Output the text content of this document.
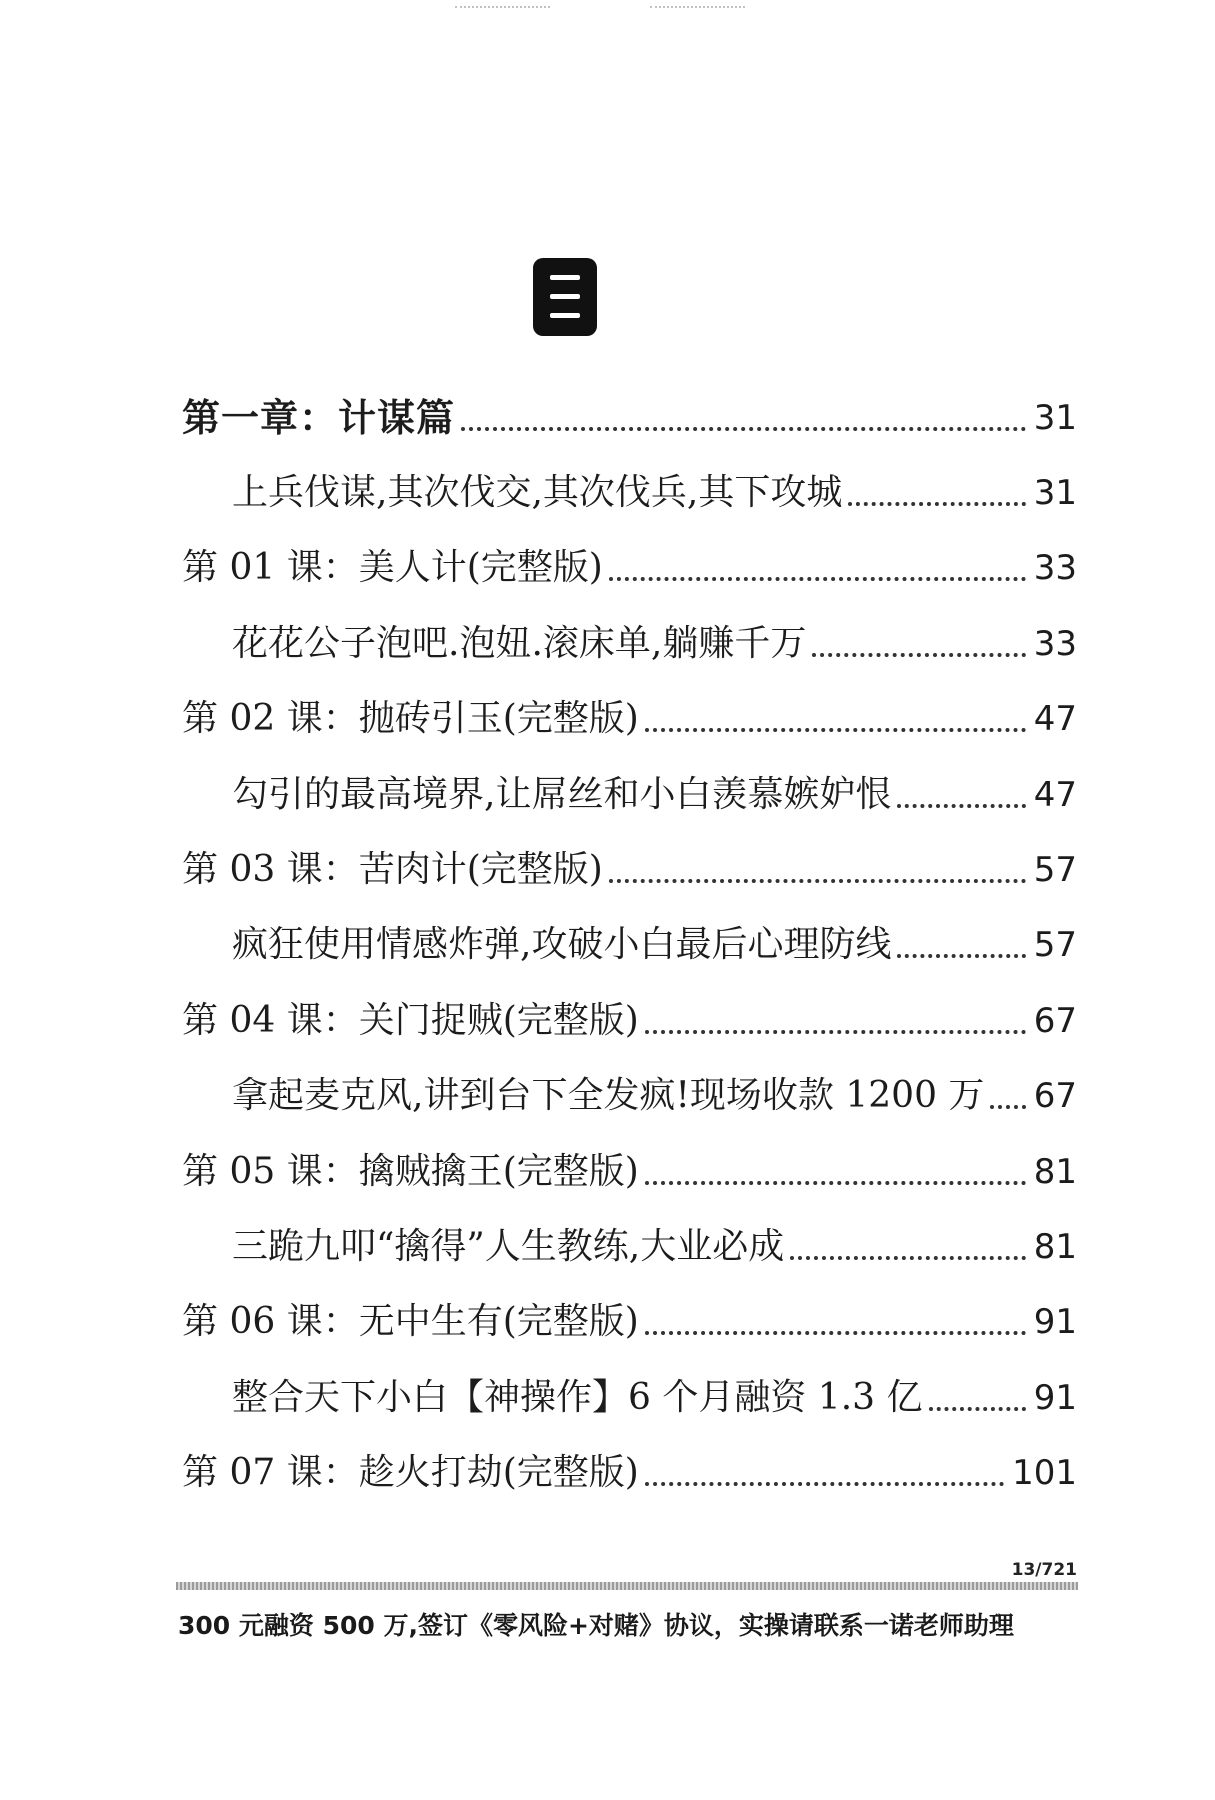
第一章：计谋篇	31
上兵伐谋,其次伐交,其次伐兵,其下攻城	31
第 01 课：美人计(完整版)	33
花花公子泡吧.泡妞.滚床单,躺赚千万	33
第 02 课：抛砖引玉(完整版)	47
勾引的最高境界,让屌丝和小白羡慕嫉妒恨	47
第 03 课：苦肉计(完整版)	57
疯狂使用情感炸弹,攻破小白最后心理防线	57
第 04 课：关门捉贼(完整版)	67
拿起麦克风,讲到台下全发疯!现场收款 1200 万 67
第 05 课：擒贼擒王(完整版)	81
三跪九叩“擒得”人生教练,大业必成	81
第 06 课：无中生有(完整版)	91
整合天下小白【神操作】6 个月融资 1.3 亿	91
第 07 课：趁火打劫(完整版)	101
13/721
300 元融资 500 万,签订《零风险+对赌》协议，实操请联系一诺老师助理
